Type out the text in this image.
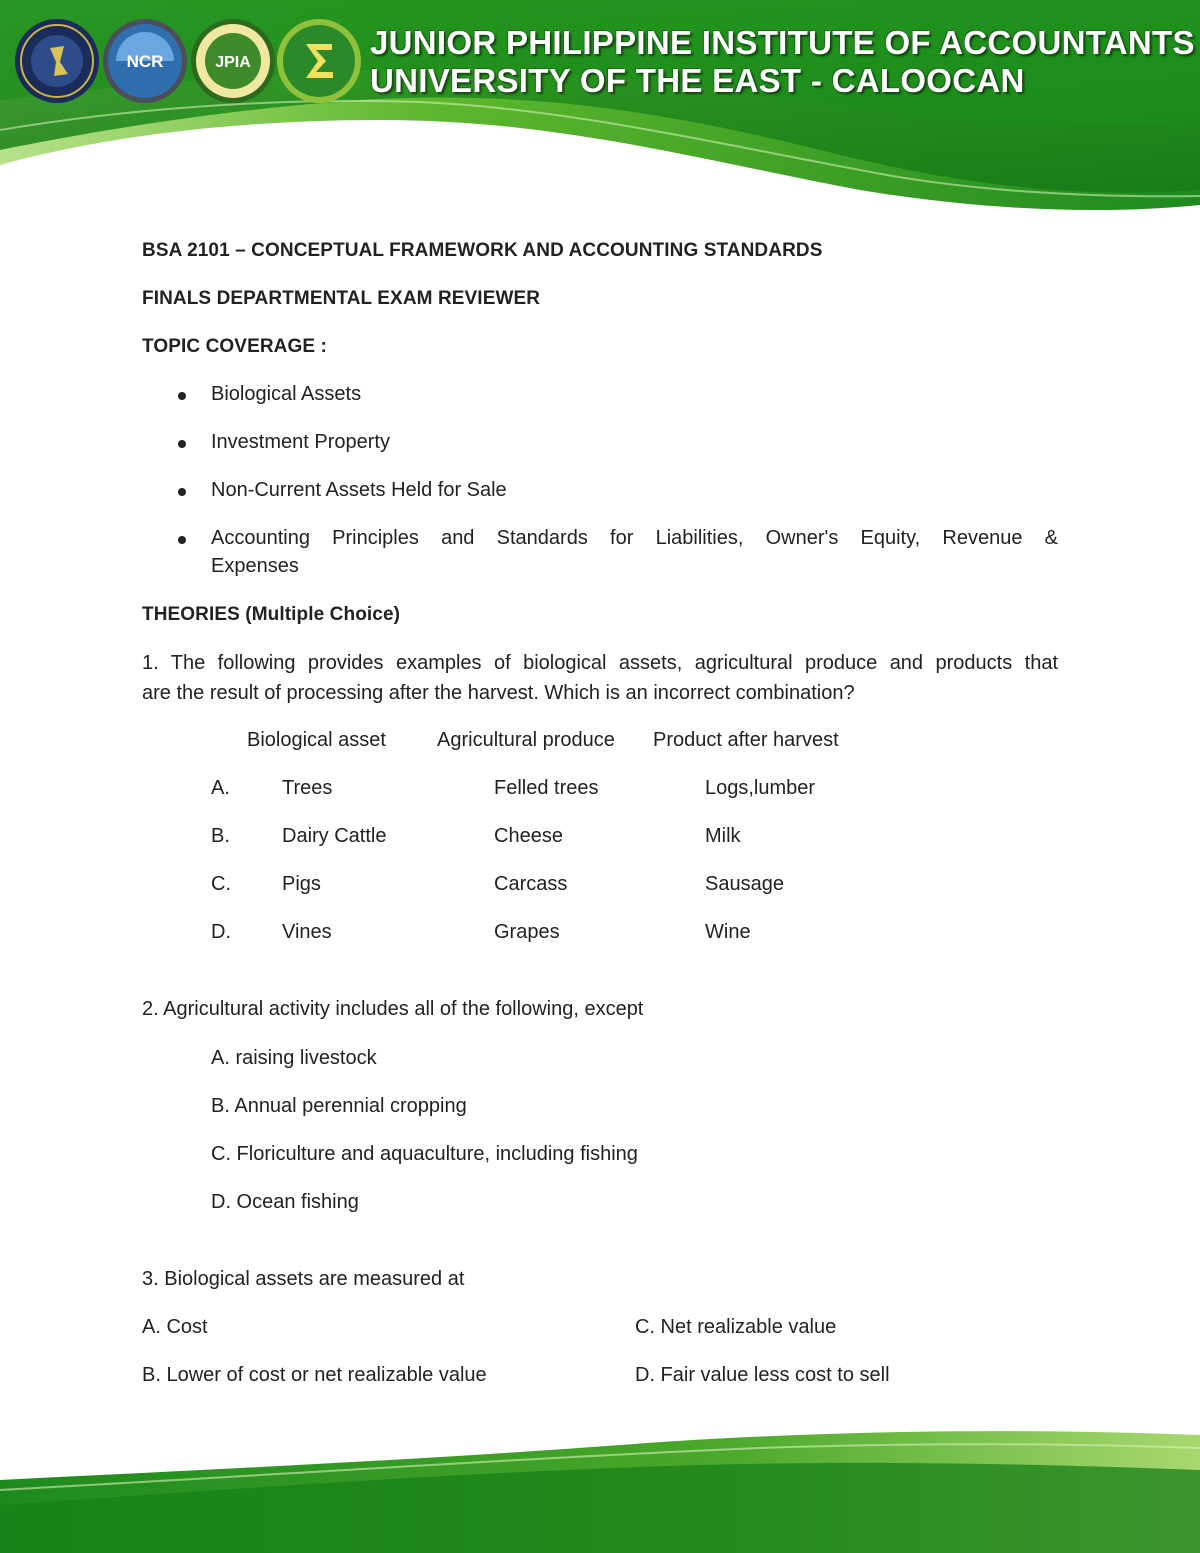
NCR	JPIA
JUNIOR PHILIPPINE INSTITUTE OF ACCOUNTANTS
UNIVERSITY OF THE EAST - CALOOCAN
BSA 2101 – CONCEPTUAL FRAMEWORK AND ACCOUNTING STANDARDS
FINALS DEPARTMENTAL EXAM REVIEWER
TOPIC COVERAGE :
Biological Assets
Investment Property
Non-Current Assets Held for Sale
Accounting Principles and Standards for Liabilities, Owner's Equity, Revenue &
Expenses
THEORIES (Multiple Choice)
1. The following provides examples of biological assets, agricultural produce and products that
are the result of processing after the harvest. Which is an incorrect combination?
Biological asset	Agricultural produce Product after harvest
A.	Trees	Felled trees	Logs,lumber
B.	Dairy Cattle	Cheese	Milk
C.	Pigs	Carcass	Sausage
D.	Vines	Grapes	Wine
2. Agricultural activity includes all of the following, except
A. raising livestock
B. Annual perennial cropping
C. Floriculture and aquaculture, including fishing
D. Ocean fishing
3. Biological assets are measured at
A. Cost	C. Net realizable value
B. Lower of cost or net realizable value	D. Fair value less cost to sell
